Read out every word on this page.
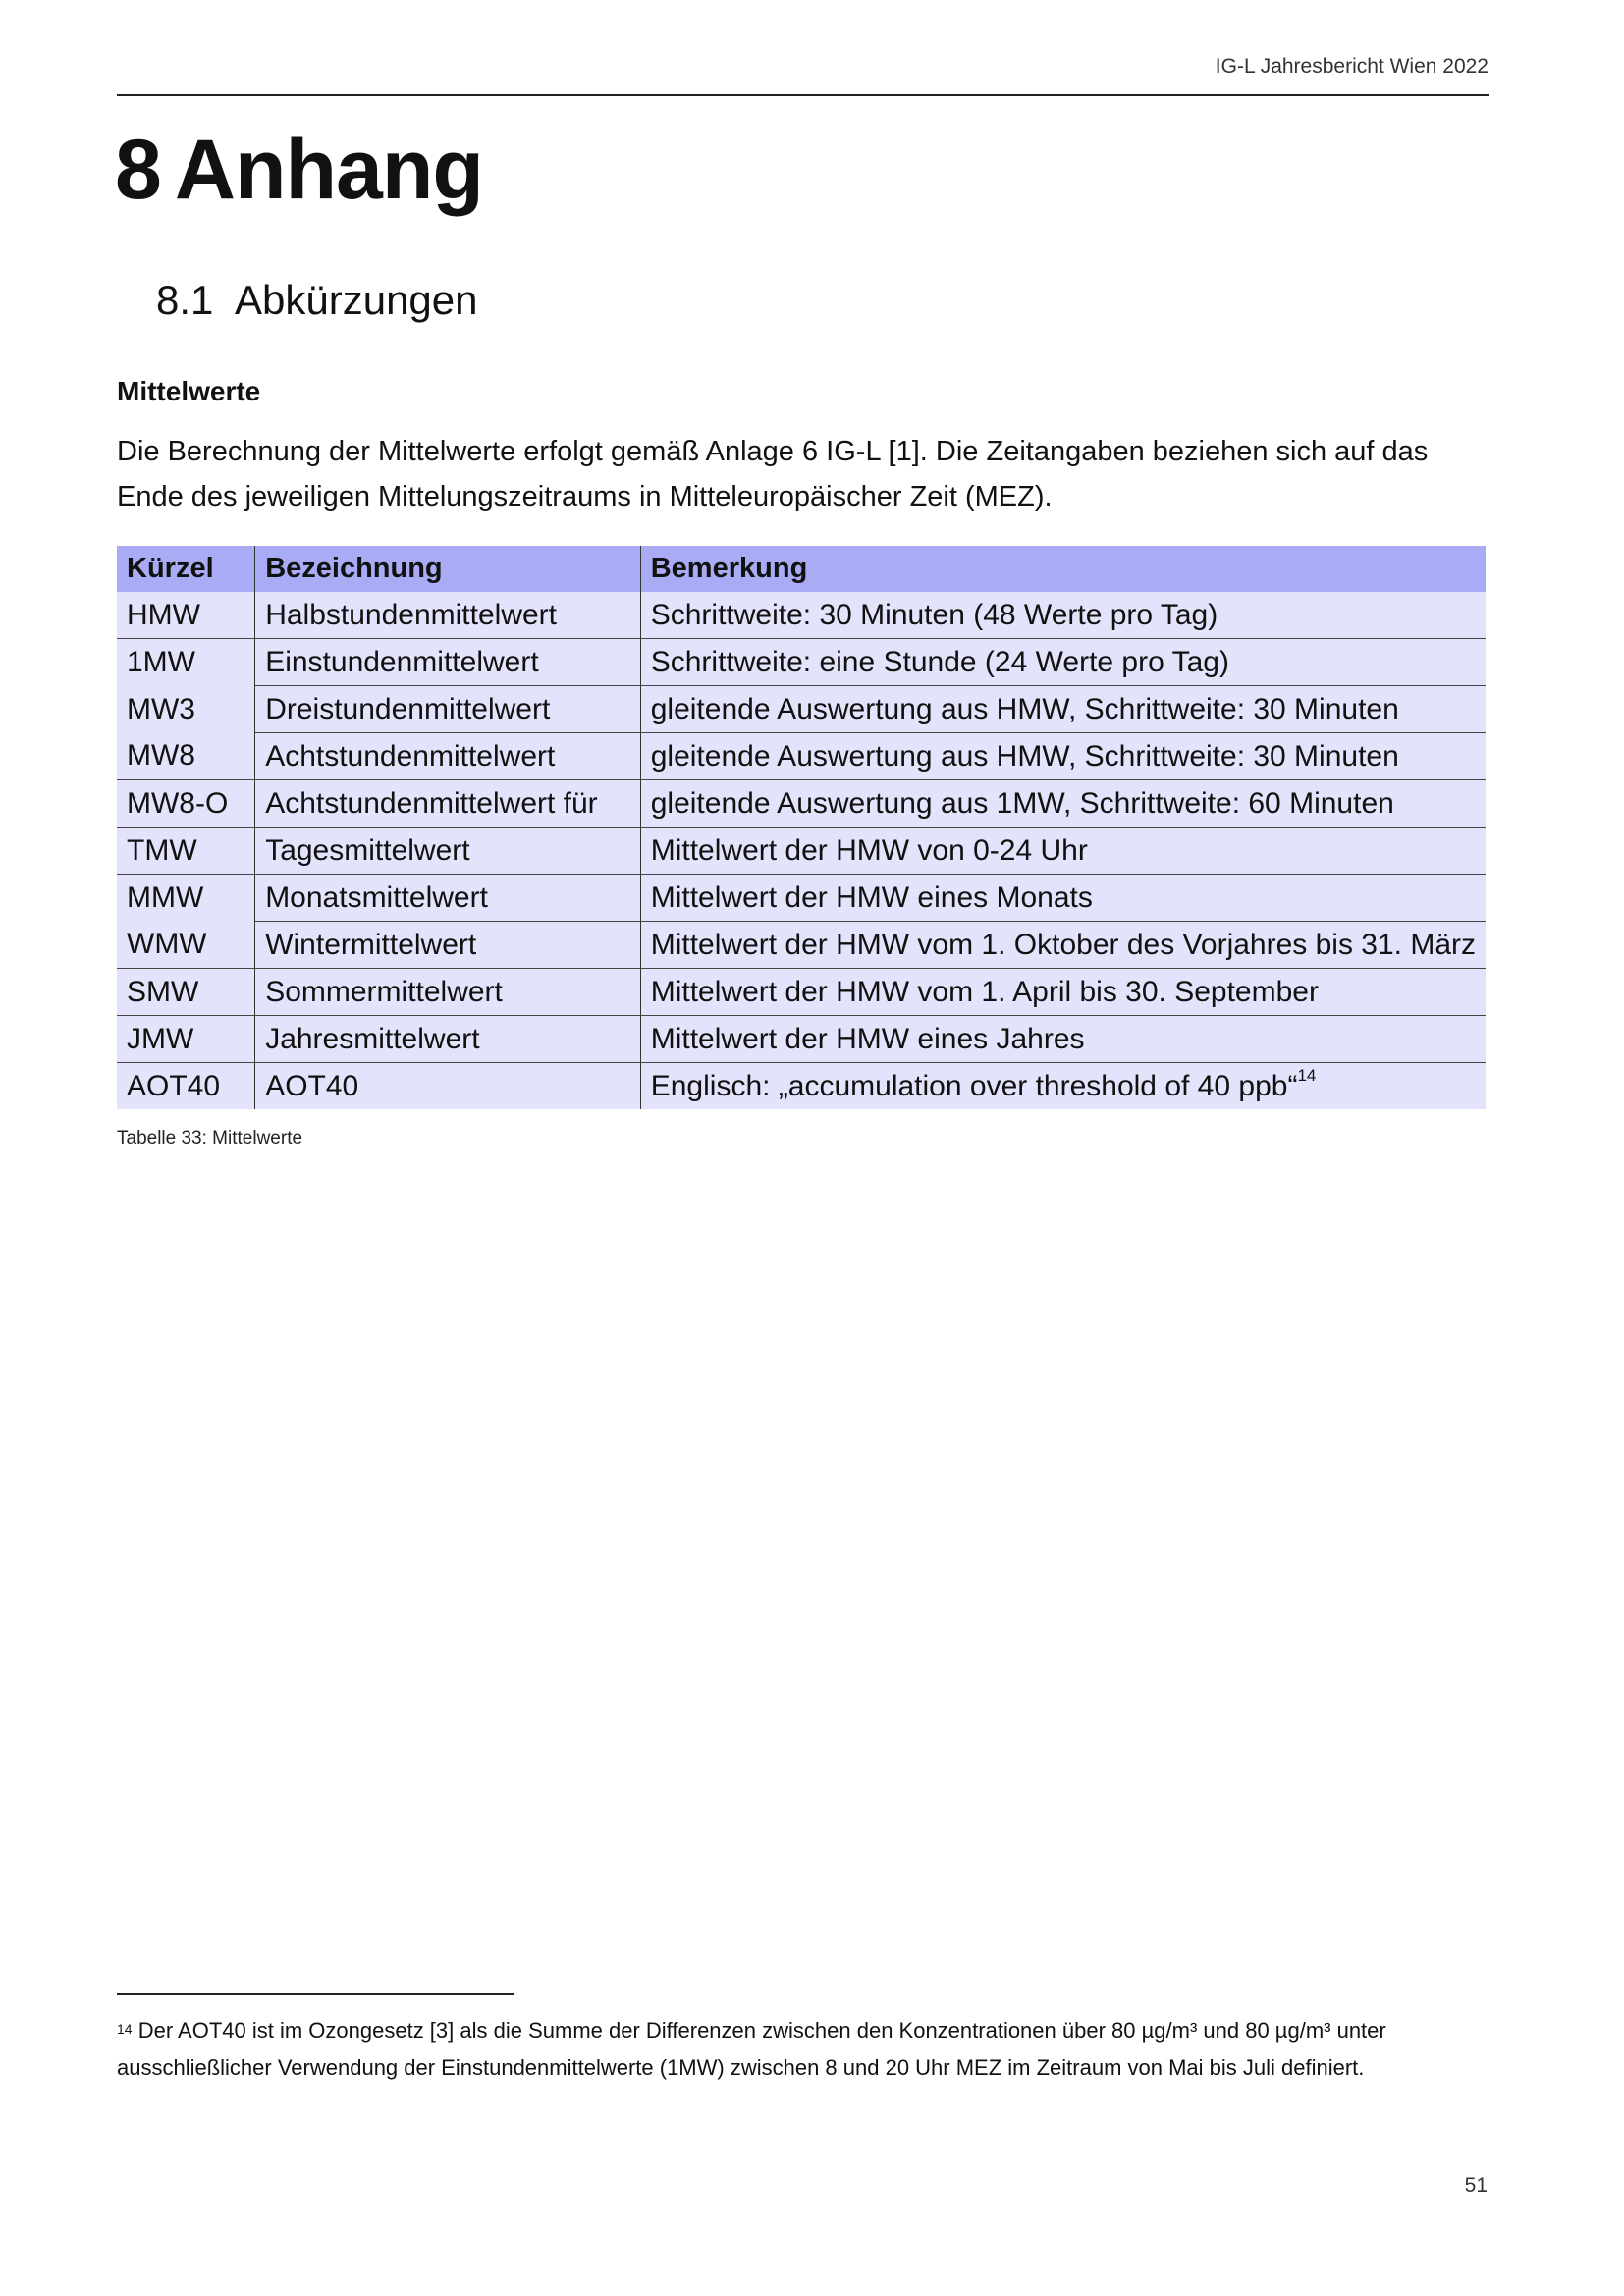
IG-L Jahresbericht Wien 2022
8 Anhang
8.1 Abkürzungen
Mittelwerte

Die Berechnung der Mittelwerte erfolgt gemäß Anlage 6 IG-L [1]. Die Zeitangaben beziehen sich auf das Ende des jeweiligen Mittelungszeitraums in Mitteleuropäischer Zeit (MEZ).

Kürzel	Bezeichnung	Bemerkung
HMW	Halbstundenmittelwert	Schrittweite: 30 Minuten (48 Werte pro Tag)
1MW	Einstundenmittelwert	Schrittweite: eine Stunde (24 Werte pro Tag)
MW3	Dreistundenmittelwert	gleitende Auswertung aus HMW, Schrittweite: 30 Minuten
MW8	Achtstundenmittelwert	gleitende Auswertung aus HMW, Schrittweite: 30 Minuten
MW8-O	Achtstundenmittelwert für	gleitende Auswertung aus 1MW, Schrittweite: 60 Minuten
TMW	Tagesmittelwert	Mittelwert der HMW von 0-24 Uhr
MMW	Monatsmittelwert	Mittelwert der HMW eines Monats
WMW	Wintermittelwert	Mittelwert der HMW vom 1. Oktober des Vorjahres bis 31. März
SMW	Sommermittelwert	Mittelwert der HMW vom 1. April bis 30. September
JMW	Jahresmittelwert	Mittelwert der HMW eines Jahres
AOT40	AOT40	Englisch: „accumulation over threshold of 40 ppb“$^{14}$
Tabelle 33: Mittelwerte
$^{14}$ Der AOT40 ist im Ozongesetz [3] als die Summe der Differenzen zwischen den Konzentrationen über 80 µg/m³ und 80 µg/m³ unter ausschließlicher Verwendung der Einstundenmittelwerte (1MW) zwischen 8 und 20 Uhr MEZ im Zeitraum von Mai bis Juli definiert.
51
